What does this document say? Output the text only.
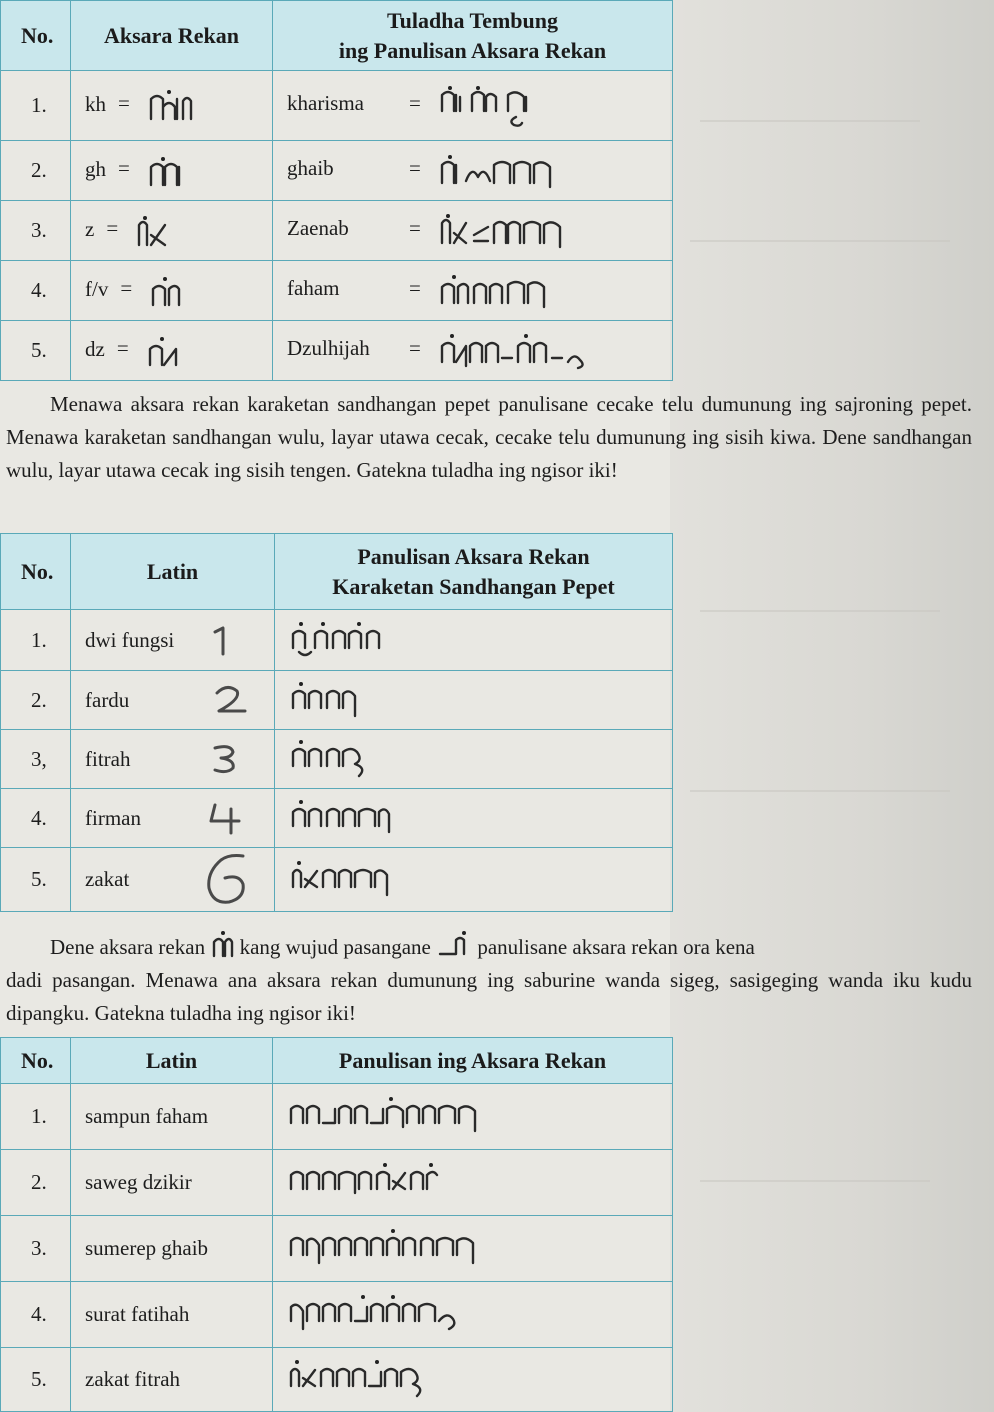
No.	Aksara Rekan	Tuladha Tembung
ing Panulisan Aksara Rekan
1.	kh =	kharisma =
2.	gh =	ghaib =
3.	z =	Zaenab =
4.	f/v =	faham =
5.	dz =	Dzulhijah =

Menawa aksara rekan karaketan sandhangan pepet panulisane cecake telu dumunung ing sajroning pepet. Menawa karaketan sandhangan wulu, layar utawa cecak, cecake telu dumunung ing sisih kiwa. Dene sandhangan wulu, layar utawa cecak ing sisih tengen. Gatekna tuladha ing ngisor iki!

No.	Latin	Panulisan Aksara Rekan
Karaketan Sandhangan Pepet
1.	dwi fungsi

2.	fardu

3,	fitrah

4.	firman

5.	zakat

Dene aksara rekan kang wujud pasangane panulisane aksara rekan ora kena

dadi pasangan. Menawa ana aksara rekan dumunung ing saburine wanda sigeg, sasigeging wanda iku kudu dipangku. Gatekna tuladha ing ngisor iki!

No.	Latin	Panulisan ing Aksara Rekan
1.	sampun faham	
2.	saweg dzikir	
3.	sumerep ghaib	
4.	surat fatihah	
5.	zakat fitrah	
